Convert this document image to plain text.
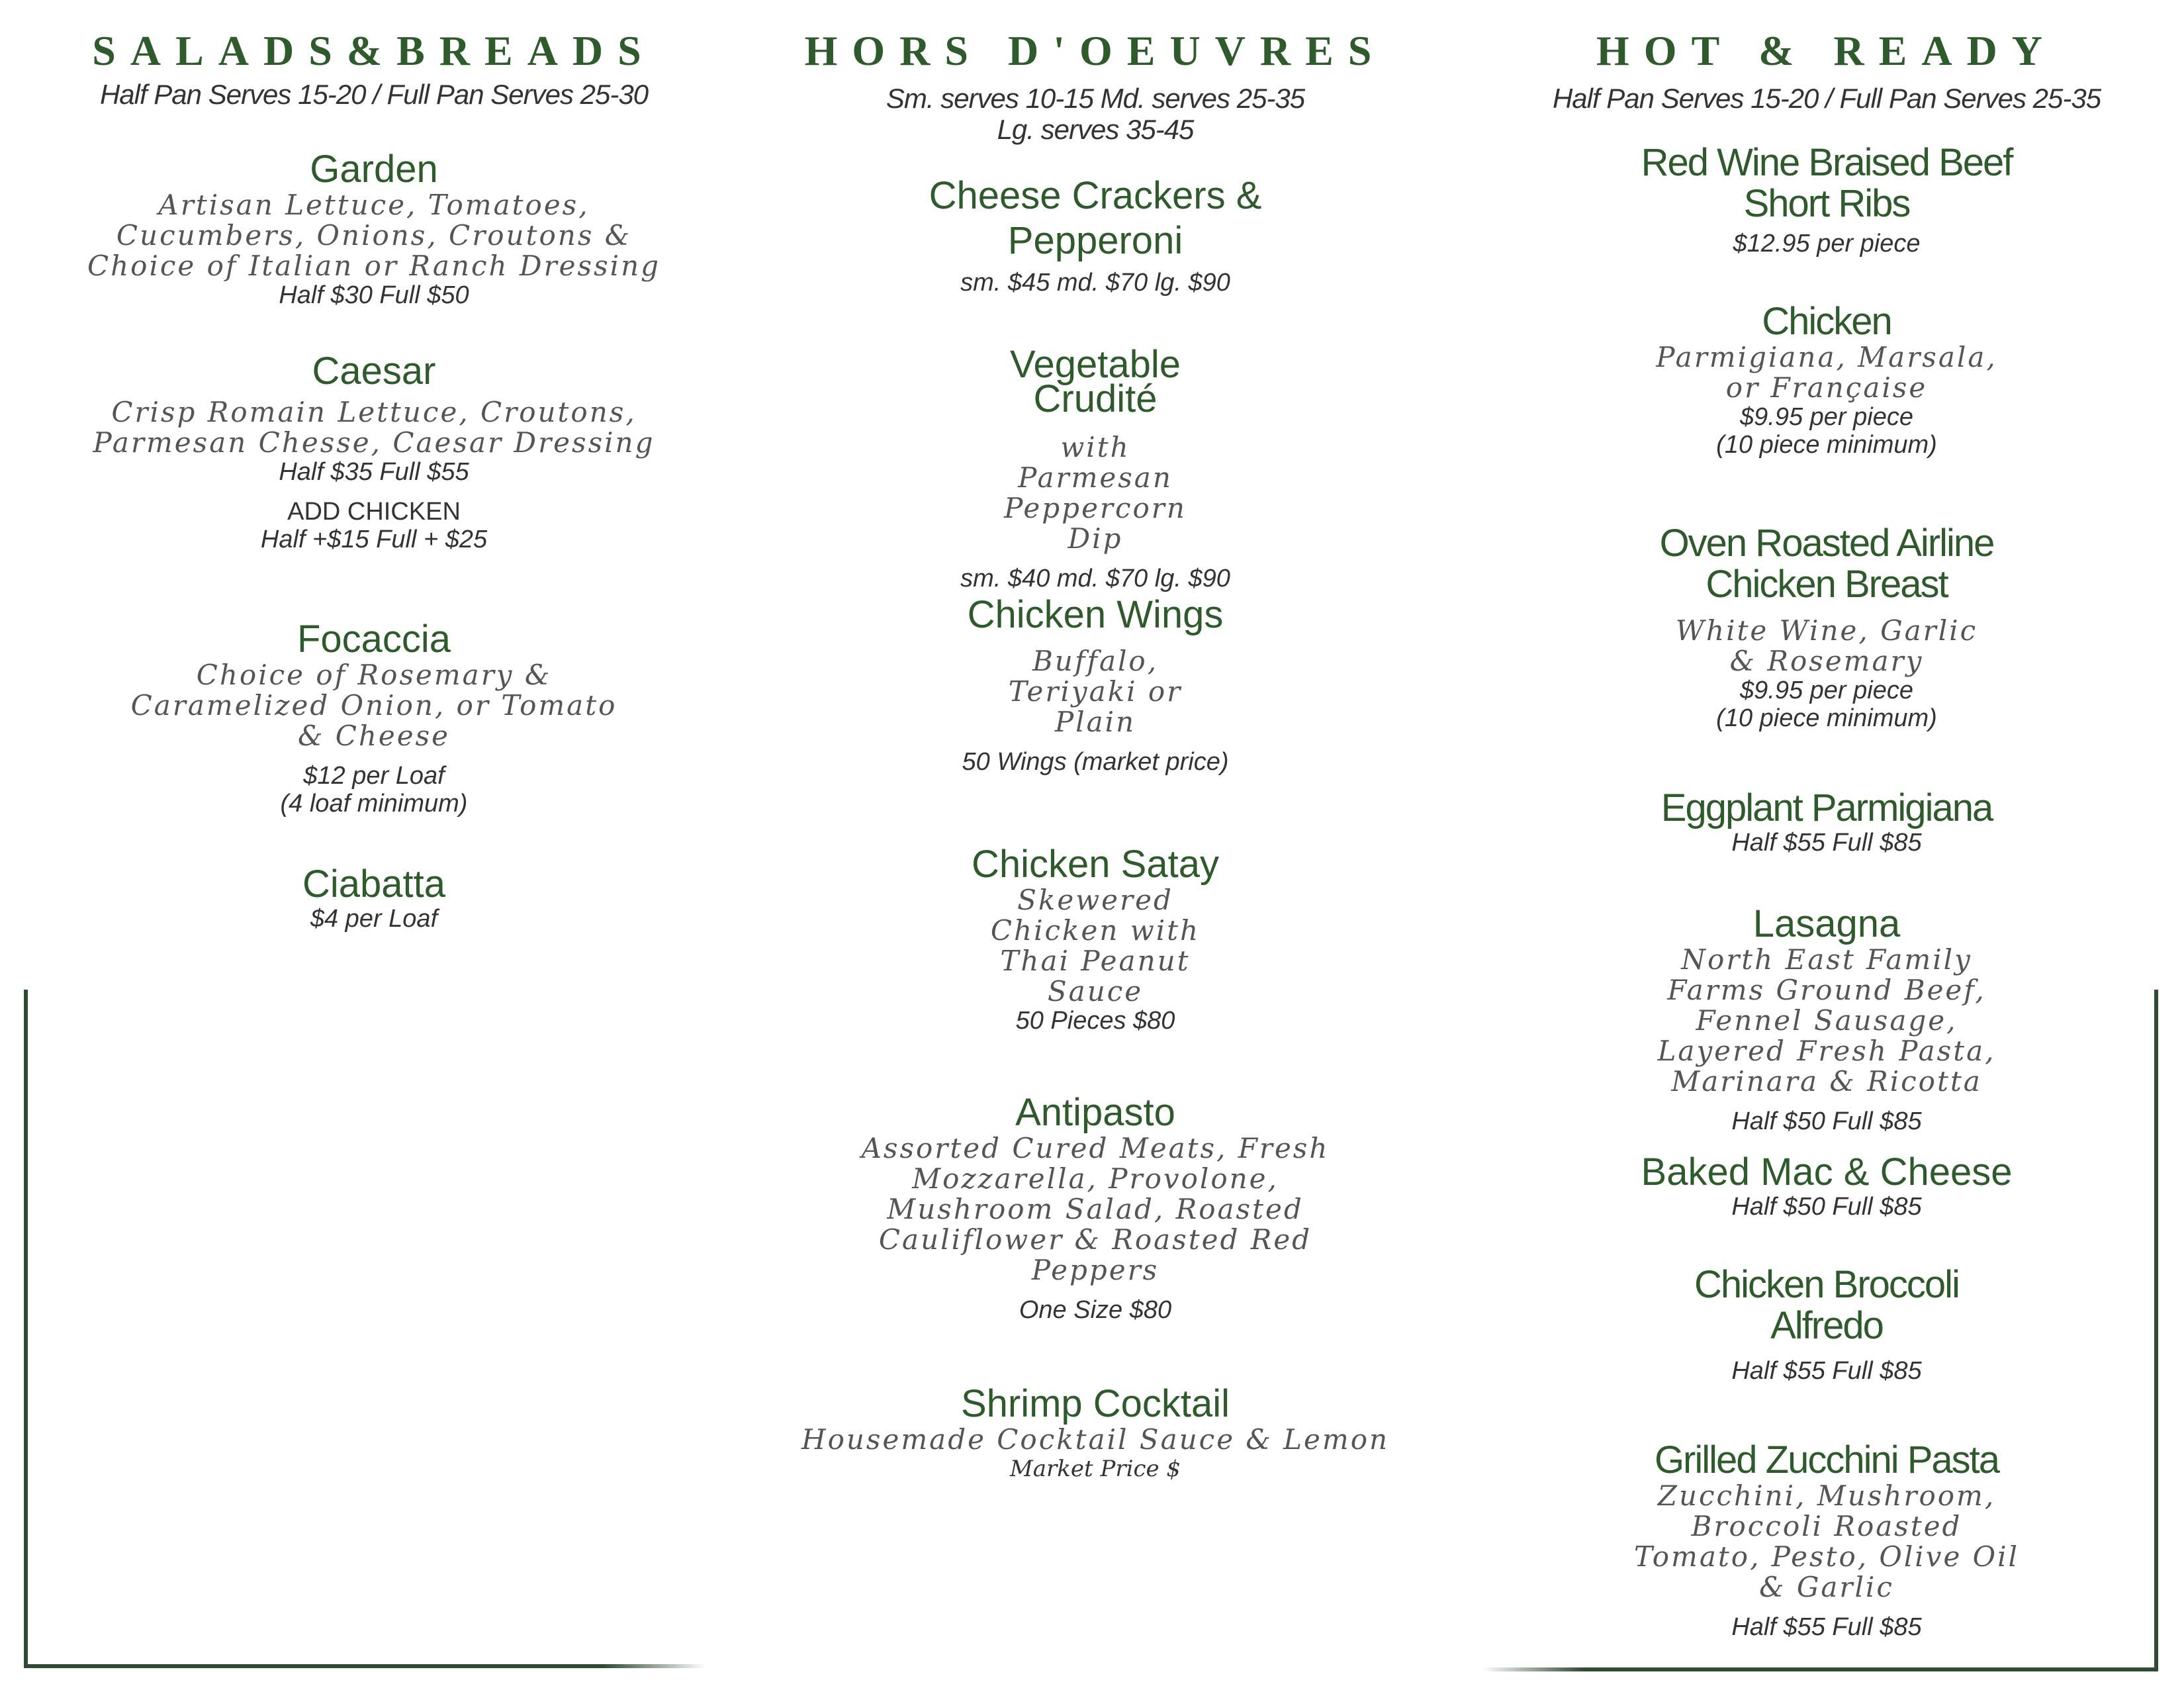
SALADS&BREADS
Half Pan Serves 15-20 / Full Pan Serves 25-30
Garden
Artisan Lettuce, Tomatoes, Cucumbers, Onions, Croutons & Choice of Italian or Ranch Dressing
Half $30 Full $50
Caesar
Crisp Romain Lettuce, Croutons, Parmesan Chesse, Caesar Dressing
Half $35 Full $55
ADD CHICKEN
Half +$15 Full + $25
Focaccia
Choice of Rosemary & Caramelized Onion, or Tomato & Cheese
$12 per Loaf
(4 loaf minimum)
Ciabatta
$4 per Loaf
HORS D'OEUVRES
Sm. serves 10-15 Md. serves 25-35
Lg. serves 35-45
Cheese Crackers & Pepperoni
sm. $45 md. $70 lg. $90
Vegetable Crudité
with Parmesan Peppercorn Dip
sm. $40 md. $70 lg. $90
Chicken Wings
Buffalo, Teriyaki or Plain
50 Wings (market price)
Chicken Satay
Skewered Chicken with Thai Peanut Sauce
50 Pieces $80
Antipasto
Assorted Cured Meats, Fresh Mozzarella, Provolone, Mushroom Salad, Roasted Cauliflower & Roasted Red Peppers
One Size $80
Shrimp Cocktail
Housemade Cocktail Sauce & Lemon
Market Price $
HOT & READY
Half Pan Serves 15-20 / Full Pan Serves 25-35
Red Wine Braised Beef Short Ribs
$12.95 per piece
Chicken
Parmigiana, Marsala, or Française
$9.95 per piece
(10 piece minimum)
Oven Roasted Airline Chicken Breast
White Wine, Garlic & Rosemary
$9.95 per piece
(10 piece minimum)
Eggplant Parmigiana
Half $55 Full $85
Lasagna
North East Family Farms Ground Beef, Fennel Sausage, Layered Fresh Pasta, Marinara & Ricotta
Half $50 Full $85
Baked Mac & Cheese
Half $50 Full $85
Chicken Broccoli Alfredo
Half $55 Full $85
Grilled Zucchini Pasta
Zucchini, Mushroom, Broccoli Roasted Tomato, Pesto, Olive Oil & Garlic
Half $55 Full $85
